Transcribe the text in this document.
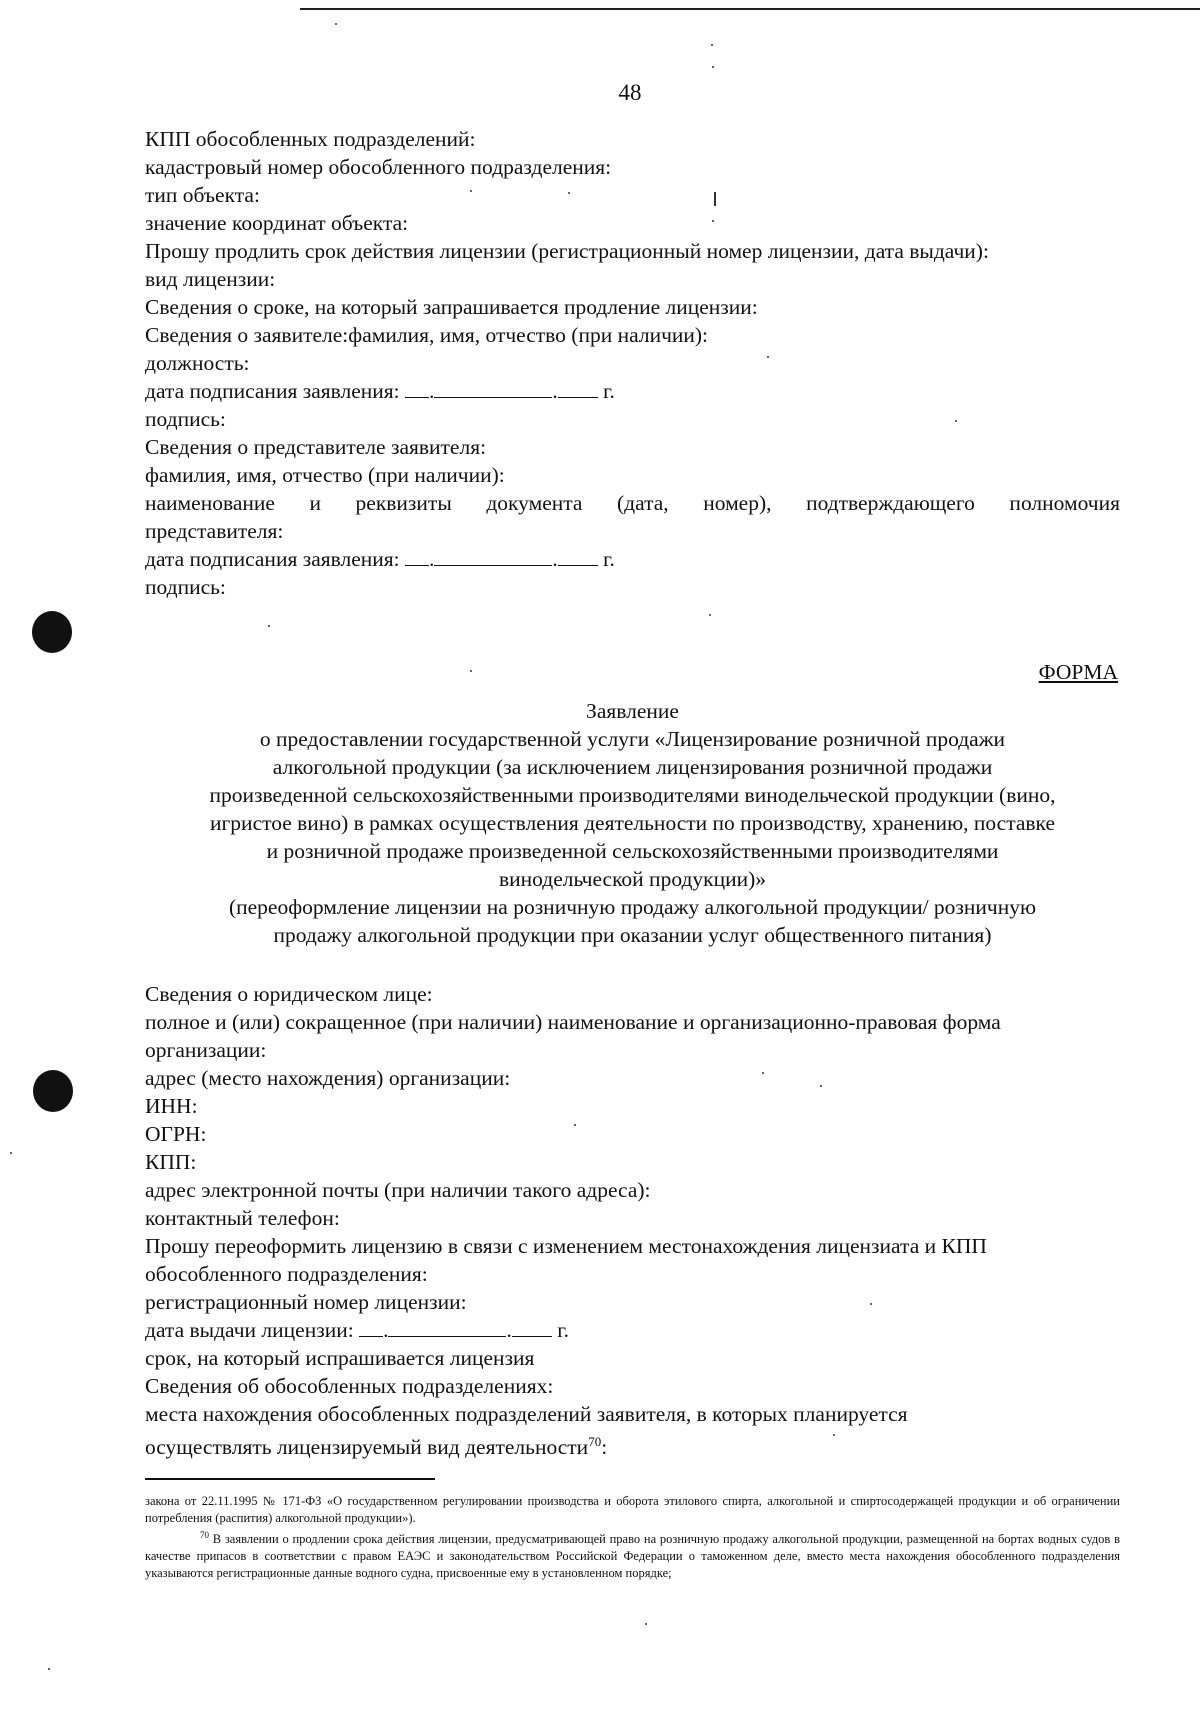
48
КПП обособленных подразделений:
кадастровый номер обособленного подразделения:
тип объекта:
значение координат объекта:
Прошу продлить срок действия лицензии (регистрационный номер лицензии, дата выдачи):
вид лицензии:
Сведения о сроке, на который запрашивается продление лицензии:
Сведения о заявителе:фамилия, имя, отчество (при наличии):
должность:
дата подписания заявления: .	. г.
подпись:
Сведения о представителе заявителя:
фамилия, имя, отчество (при наличии):
наименование и реквизиты документа (дата, номер), подтверждающего полномочия
представителя:
дата подписания заявления: .	. г.
подпись:
ФОРМА
Заявление
о предоставлении государственной услуги «Лицензирование розничной продажи
алкогольной продукции (за исключением лицензирования розничной продажи
произведенной сельскохозяйственными производителями винодельческой продукции (вино,
игристое вино) в рамках осуществления деятельности по производству, хранению, поставке
и розничной продаже произведенной сельскохозяйственными производителями
винодельческой продукции)»
(переоформление лицензии на розничную продажу алкогольной продукции/ розничную
продажу алкогольной продукции при оказании услуг общественного питания)
Сведения о юридическом лице:
полное и (или) сокращенное (при наличии) наименование и организационно-правовая форма
организации:
адрес (место нахождения) организации:
ИНН:
ОГРН:
КПП:
адрес электронной почты (при наличии такого адреса):
контактный телефон:
Прошу переоформить лицензию в связи с изменением местонахождения лицензиата и КПП
обособленного подразделения:
регистрационный номер лицензии:
дата выдачи лицензии: .	. г.
срок, на который испрашивается лицензия
Сведения об обособленных подразделениях:
места нахождения обособленных подразделений заявителя, в которых планируется
осуществлять лицензируемый вид деятельности$^{70}$:
закона от 22.11.1995 № 171-ФЗ «О государственном регулировании производства и оборота этилового спирта, алкогольной и спиртосодержащей продукции и об ограничении потребления (распития) алкогольной продукции»).
$^{70}$ В заявлении о продлении срока действия лицензии, предусматривающей право на розничную продажу алкогольной продукции, размещенной на бортах водных судов в качестве припасов в соответствии с правом ЕАЭС и законодательством Российской Федерации о таможенном деле, вместо места нахождения обособленного подразделения указываются регистрационные данные водного судна, присвоенные ему в установленном порядке;
